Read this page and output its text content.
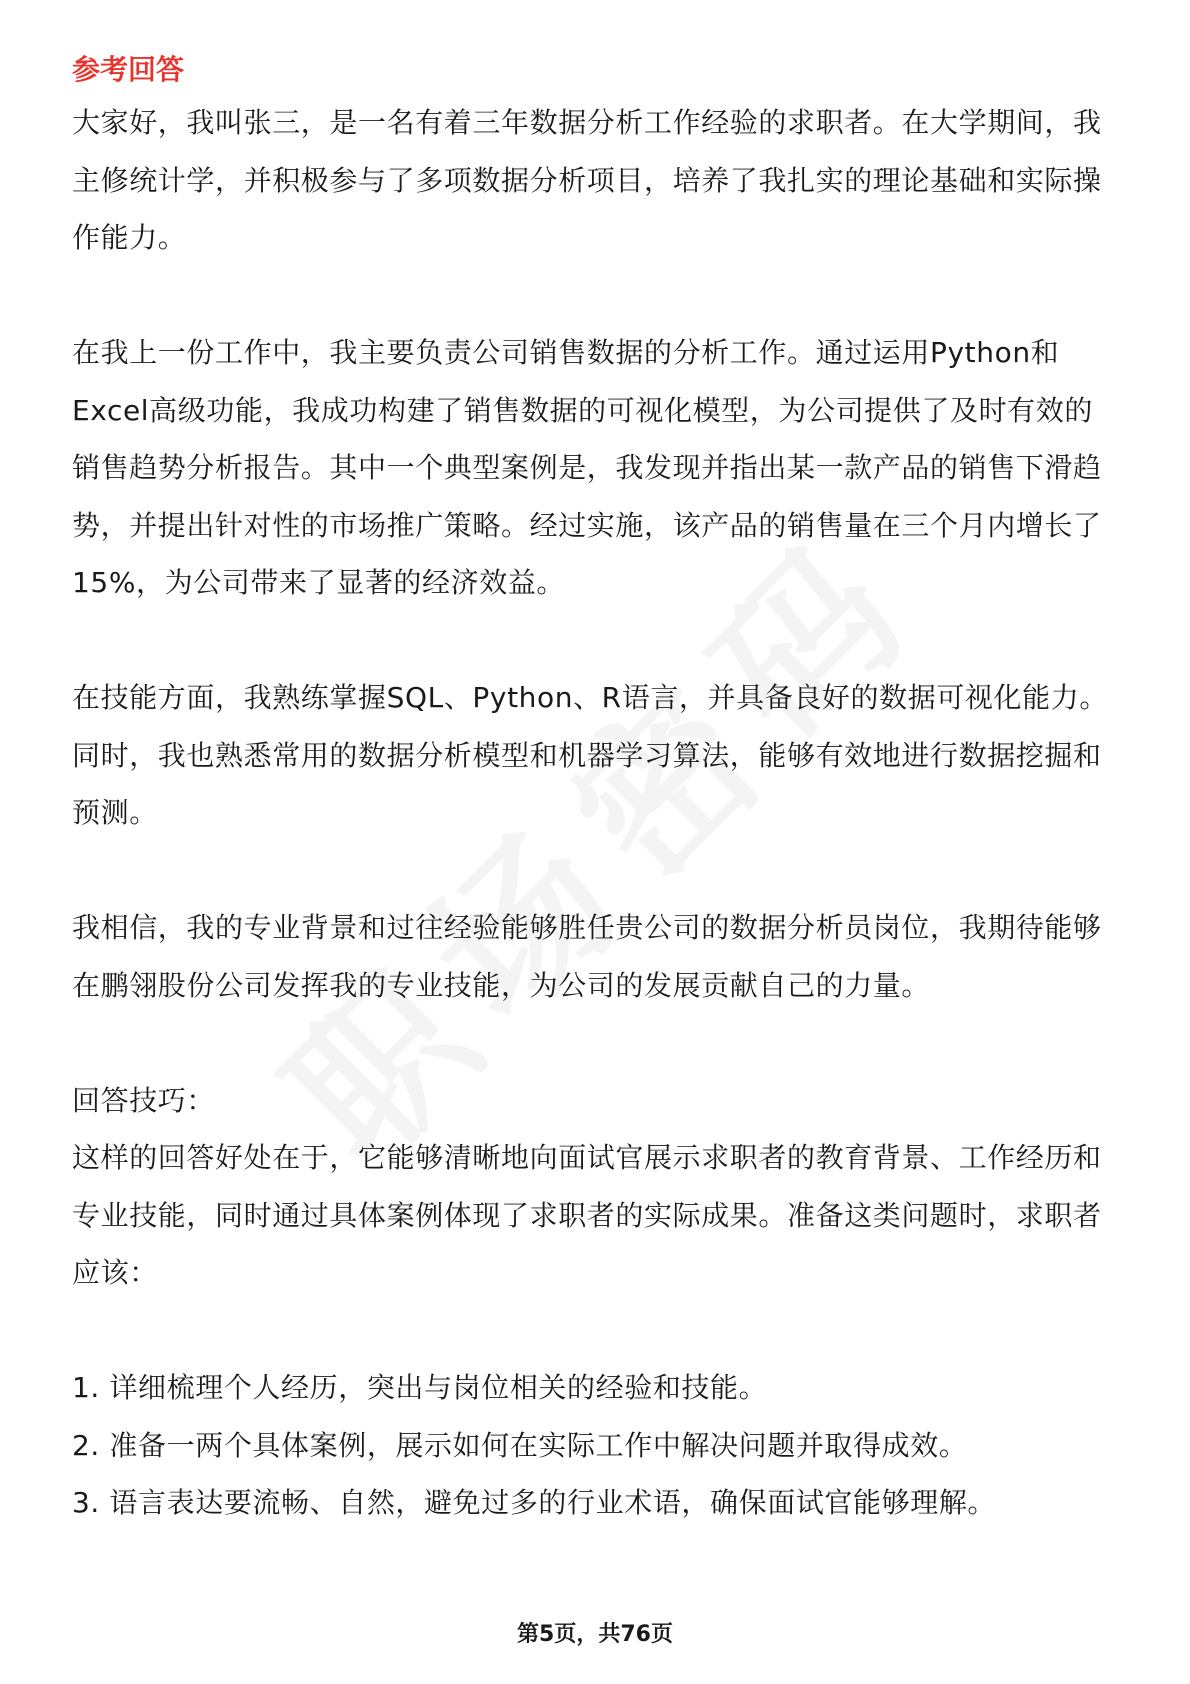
参考回答
大家好，我叫张三，是一名有着三年数据分析工作经验的求职者。在大学期间，我
主修统计学，并积极参与了多项数据分析项目，培养了我扎实的理论基础和实际操
作能力。
在我上一份工作中，我主要负责公司销售数据的分析工作。通过运用Python和
Excel高级功能，我成功构建了销售数据的可视化模型，为公司提供了及时有效的
销售趋势分析报告。其中一个典型案例是，我发现并指出某一款产品的销售下滑趋
势，并提出针对性的市场推广策略。经过实施，该产品的销售量在三个月内增长了
15%，为公司带来了显著的经济效益。
在技能方面，我熟练掌握SQL、Python、R语言，并具备良好的数据可视化能力。
同时，我也熟悉常用的数据分析模型和机器学习算法，能够有效地进行数据挖掘和
预测。
我相信，我的专业背景和过往经验能够胜任贵公司的数据分析员岗位，我期待能够
在鹏翎股份公司发挥我的专业技能，为公司的发展贡献自己的力量。
回答技巧：
这样的回答好处在于，它能够清晰地向面试官展示求职者的教育背景、工作经历和
专业技能，同时通过具体案例体现了求职者的实际成果。准备这类问题时，求职者
应该：
1. 详细梳理个人经历，突出与岗位相关的经验和技能。
2. 准备一两个具体案例，展示如何在实际工作中解决问题并取得成效。
3. 语言表达要流畅、自然，避免过多的行业术语，确保面试官能够理解。
第5页，共76页
